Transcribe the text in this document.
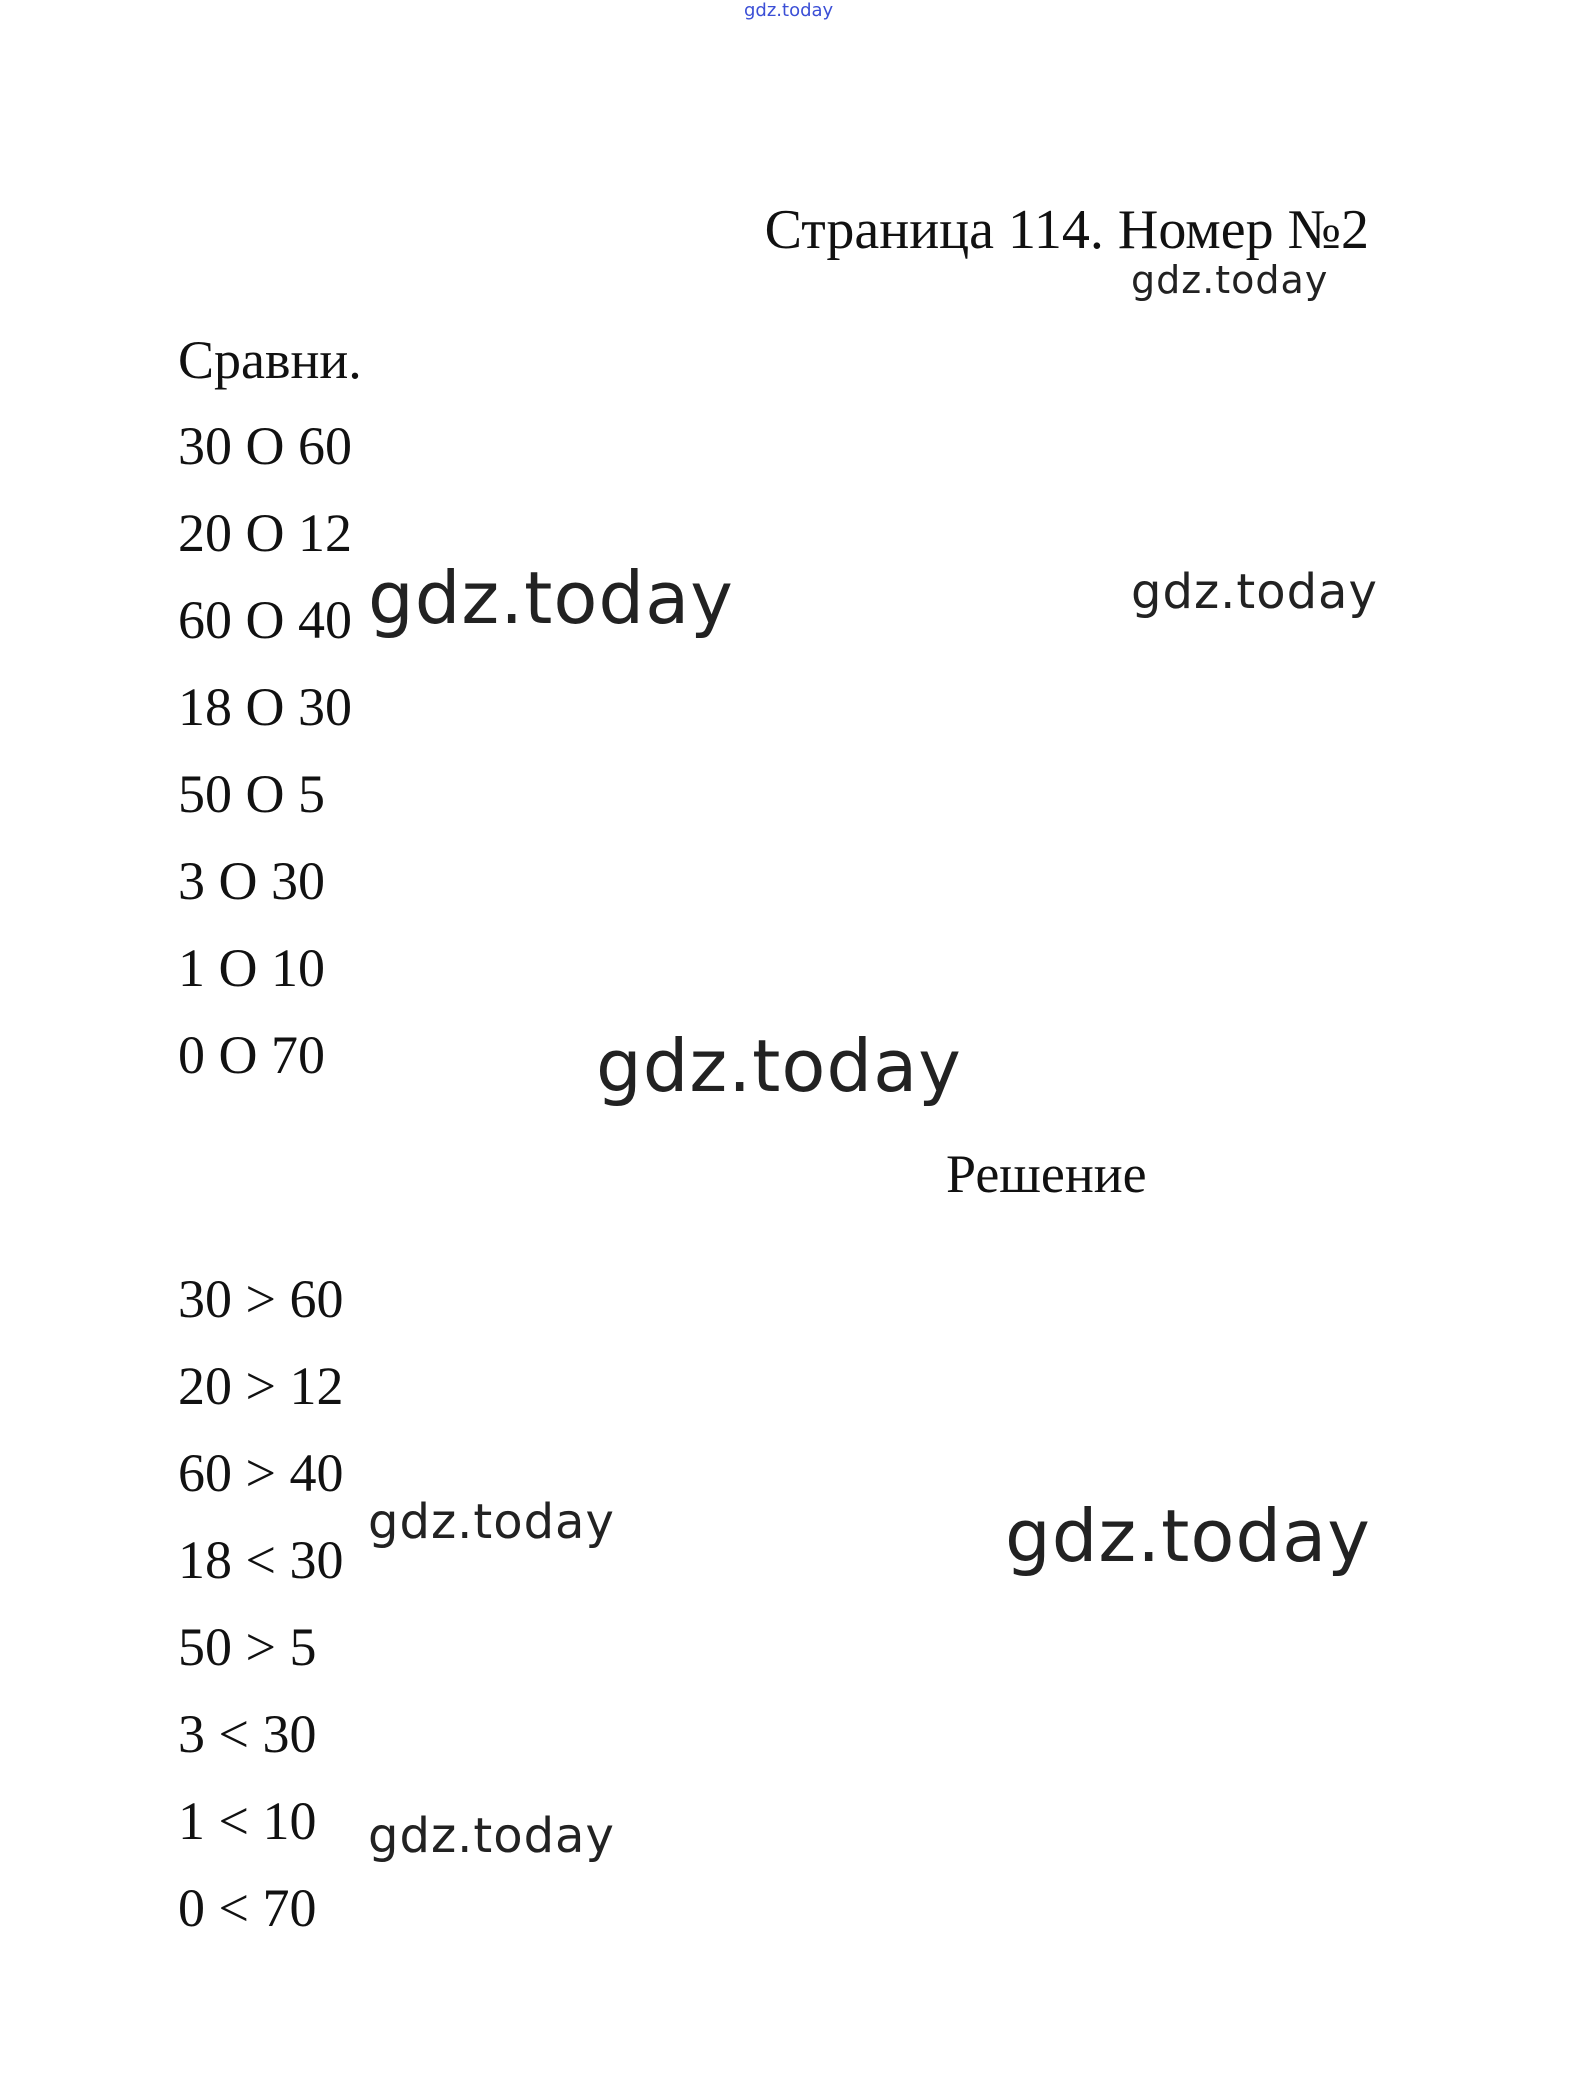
gdz.today
Страница 114. Номер №2
Сравни.
30 O 60
20 O 12
60 O 40
18 O 30
50 O 5
3 O 30
1 O 10
0 O 70
Решение
30 > 60
20 > 12
60 > 40
18 < 30
50 > 5
3 < 30
1 < 10
0 < 70
gdz.today
gdz.today	gdz.today
gdz.today
gdz.today
gdz.today
gdz.today
